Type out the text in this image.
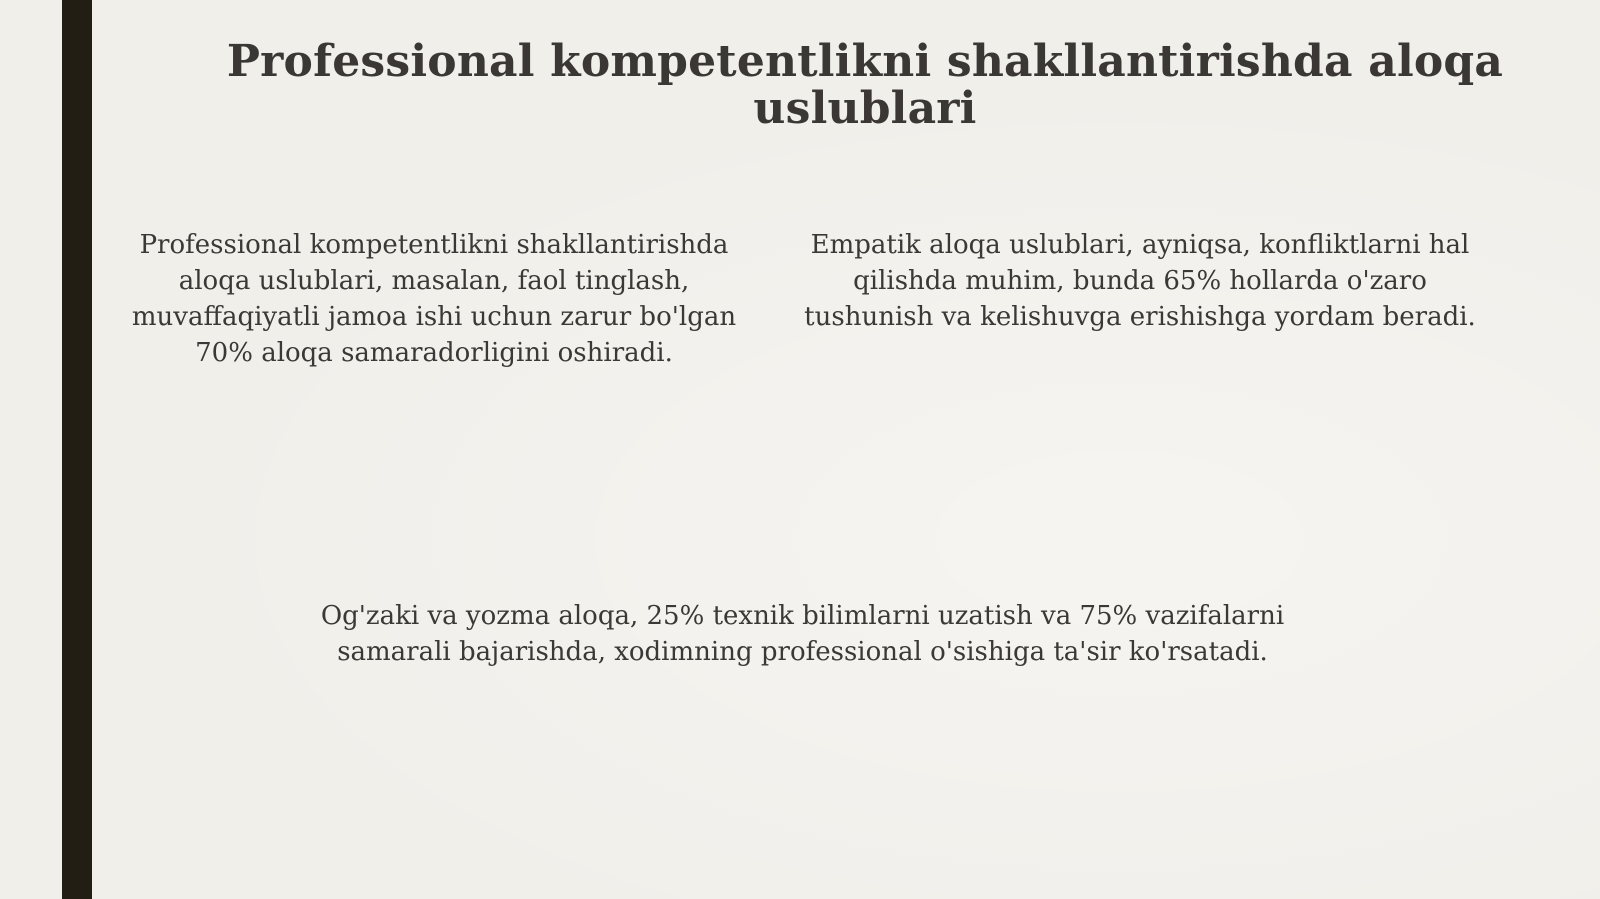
Professional kompetentlikni shakllantirishda aloqa uslublari

Professional kompetentlikni shakllantirishda aloqa uslublari, masalan, faol tinglash, muvaffaqiyatli jamoa ishi uchun zarur bo'lgan 70% aloqa samaradorligini oshiradi.

Empatik aloqa uslublari, ayniqsa, konfliktlarni hal qilishda muhim, bunda 65% hollarda o'zaro tushunish va kelishuvga erishishga yordam beradi.

Og'zaki va yozma aloqa, 25% texnik bilimlarni uzatish va 75% vazifalarni samarali bajarishda, xodimning professional o'sishiga ta'sir ko'rsatadi.
